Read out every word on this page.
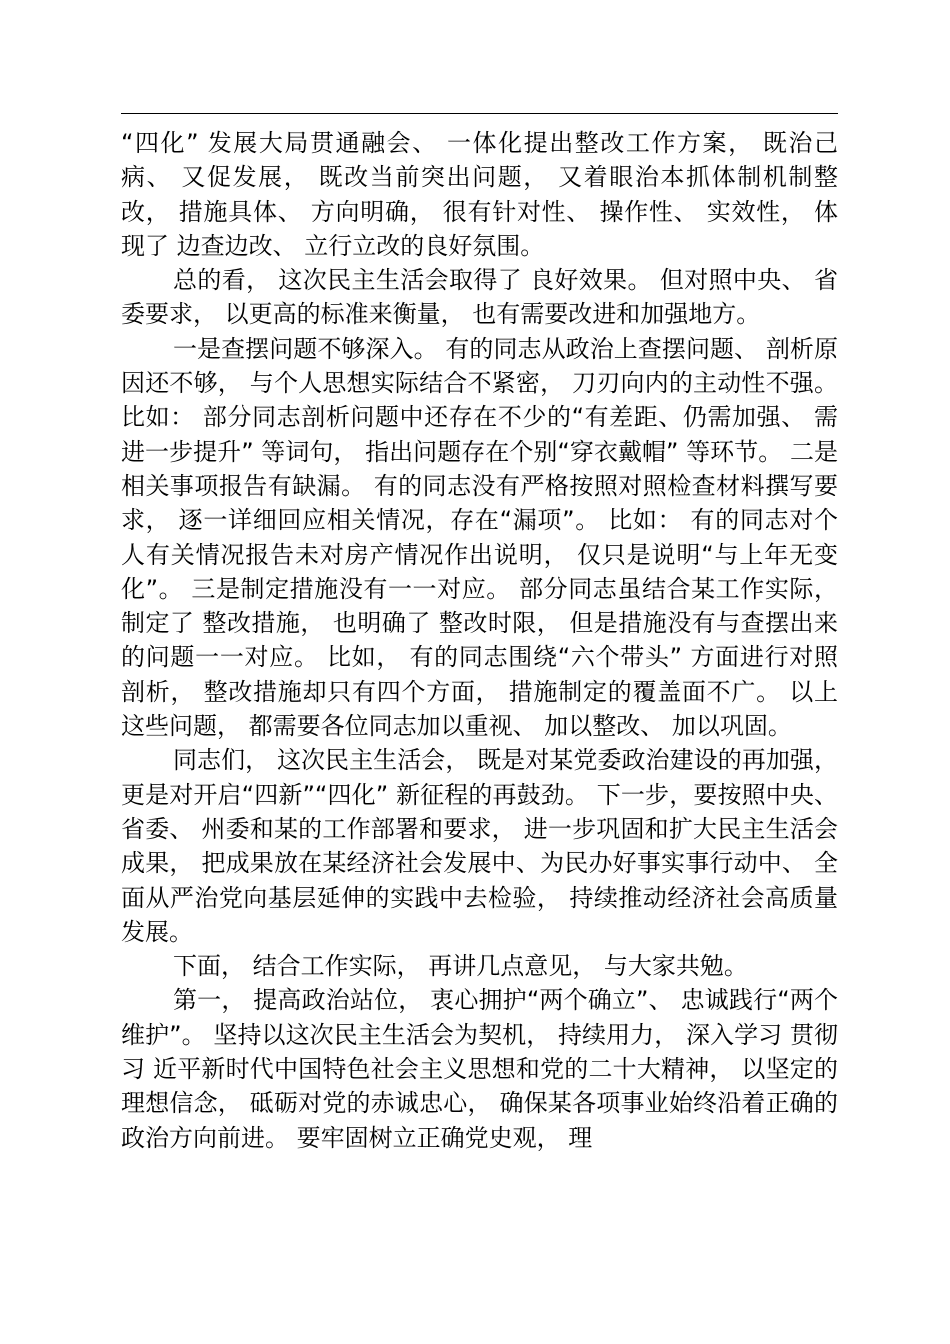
“四化” 发展大局贯通融会、 一体化提出整改工作方案， 既治己病、 又促发展， 既改当前突出问题， 又着眼治本抓体制机制整改， 措施具体、 方向明确， 很有针对性、 操作性、 实效性， 体现了 边查边改、 立行立改的良好氛围。

总的看， 这次民主生活会取得了 良好效果。 但对照中央、 省委要求， 以更高的标准来衡量， 也有需要改进和加强地方。

一是查摆问题不够深入。 有的同志从政治上查摆问题、 剖析原因还不够， 与个人思想实际结合不紧密， 刀刃向内的主动性不强。 比如： 部分同志剖析问题中还存在不少的“有差距、仍需加强、 需进一步提升” 等词句， 指出问题存在个别“穿衣戴帽” 等环节。 二是相关事项报告有缺漏。 有的同志没有严格按照对照检查材料撰写要求， 逐一详细回应相关情况，存在“漏项”。 比如： 有的同志对个人有关情况报告未对房产情况作出说明， 仅只是说明“与上年无变化”。 三是制定措施没有一一对应。 部分同志虽结合某工作实际， 制定了 整改措施， 也明确了 整改时限， 但是措施没有与查摆出来的问题一一对应。 比如， 有的同志围绕“六个带头” 方面进行对照剖析， 整改措施却只有四个方面， 措施制定的覆盖面不广。 以上这些问题， 都需要各位同志加以重视、 加以整改、 加以巩固。

同志们， 这次民主生活会， 既是对某党委政治建设的再加强， 更是对开启“四新”“四化” 新征程的再鼓劲。 下一步，要按照中央、 省委、 州委和某的工作部署和要求， 进一步巩固和扩大民主生活会成果， 把成果放在某经济社会发展中、为民办好事实事行动中、 全面从严治党向基层延伸的实践中去检验， 持续推动经济社会高质量发展。

下面， 结合工作实际， 再讲几点意见， 与大家共勉。

第一， 提高政治站位， 衷心拥护“两个确立”、 忠诚践行“两个维护”。 坚持以这次民主生活会为契机， 持续用力， 深入学习 贯彻习 近平新时代中国特色社会主义思想和党的二十大精神， 以坚定的理想信念， 砥砺对党的赤诚忠心， 确保某各项事业始终沿着正确的政治方向前进。 要牢固树立正确党史观， 理
